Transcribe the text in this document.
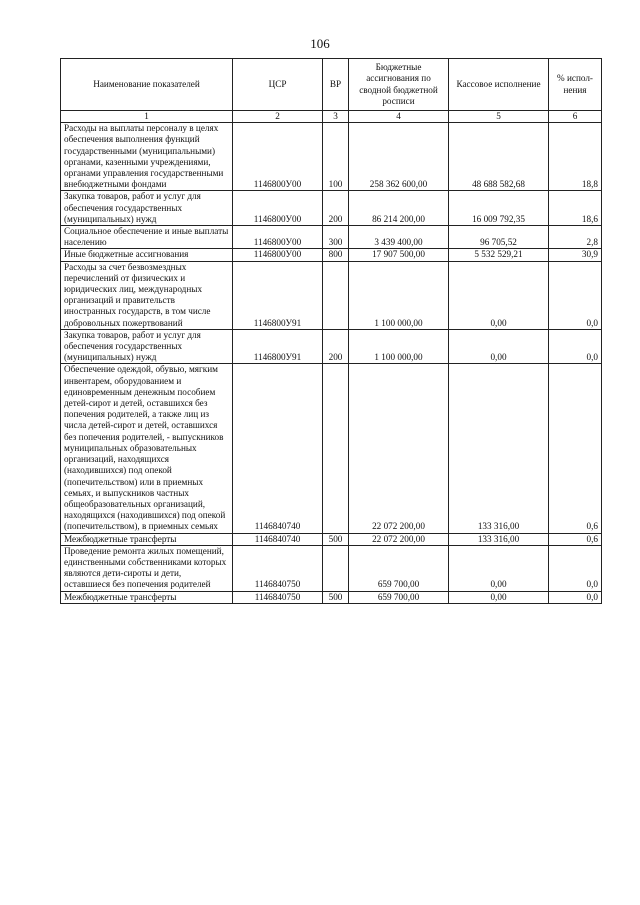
106
Наименование показателей	ЦСР	ВР	Бюджетные ассигнования по сводной бюджетной росписи	Кассовое исполнение	% испол-нения
1	2	3	4	5	6
Расходы на выплаты персоналу в целях обеспечения выполнения функций государственными (муниципальными) органами, казенными учреждениями, органами управления государственными внебюджетными фондами	1146800У00	100	258 362 600,00	48 688 582,68	18,8
Закупка товаров, работ и услуг для обеспечения государственных (муниципальных) нужд	1146800У00	200	86 214 200,00	16 009 792,35	18,6
Социальное обеспечение и иные выплаты населению	1146800У00	300	3 439 400,00	96 705,52	2,8
Иные бюджетные ассигнования	1146800У00	800	17 907 500,00	5 532 529,21	30,9
Расходы за счет безвозмездных перечислений от физических и юридических лиц, международных организаций и правительств иностранных государств, в том числе добровольных пожертвований	1146800У91		1 100 000,00	0,00	0,0
Закупка товаров, работ и услуг для обеспечения государственных (муниципальных) нужд	1146800У91	200	1 100 000,00	0,00	0,0
Обеспечение одеждой, обувью, мягким инвентарем, оборудованием и единовременным денежным пособием детей-сирот и детей, оставшихся без попечения родителей, а также лиц из числа детей-сирот и детей, оставшихся без попечения родителей, - выпускников муниципальных образовательных организаций, находящихся (находившихся) под опекой (попечительством) или в приемных семьях, и выпускников частных общеобразовательных организаций, находящихся (находившихся) под опекой (попечительством), в приемных семьях	1146840740		22 072 200,00	133 316,00	0,6
Межбюджетные трансферты	1146840740	500	22 072 200,00	133 316,00	0,6
Проведение ремонта жилых помещений, единственными собственниками которых являются дети-сироты и дети, оставшиеся без попечения родителей	1146840750		659 700,00	0,00	0,0
Межбюджетные трансферты	1146840750	500	659 700,00	0,00	0,0
